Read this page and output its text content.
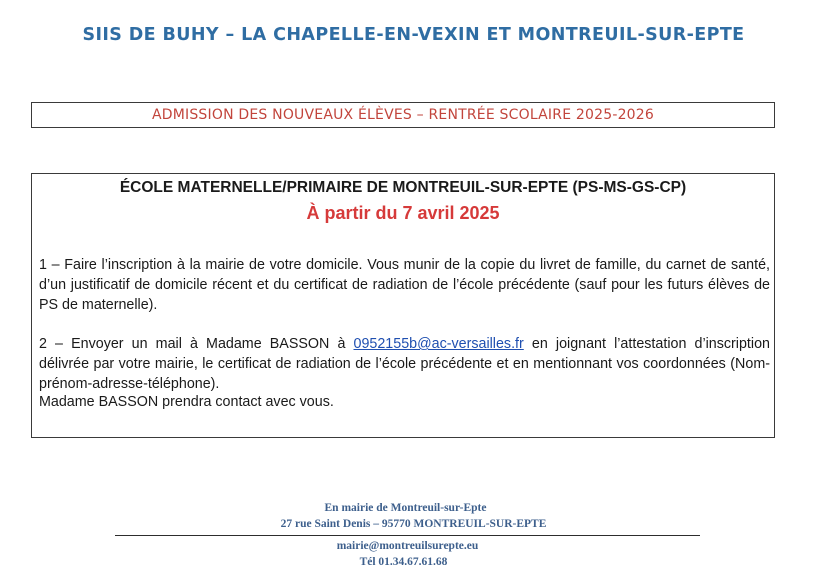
SIIS DE BUHY – LA CHAPELLE-EN-VEXIN ET MONTREUIL-SUR-EPTE
ADMISSION DES NOUVEAUX ÉLÈVES – RENTRÉE SCOLAIRE 2025-2026
ÉCOLE MATERNELLE/PRIMAIRE DE MONTREUIL-SUR-EPTE (PS-MS-GS-CP)
À partir du 7 avril 2025
1 – Faire l’inscription à la mairie de votre domicile. Vous munir de la copie du livret de famille, du carnet de santé, d’un justificatif de domicile récent et du certificat de radiation de l’école précédente (sauf pour les futurs élèves de PS de maternelle).
2 – Envoyer un mail à Madame BASSON à 0952155b@ac-versailles.fr en joignant l’attestation d’inscription délivrée par votre mairie, le certificat de radiation de l’école précédente et en mentionnant vos coordonnées (Nom-prénom-adresse-téléphone).
Madame BASSON prendra contact avec vous.
En mairie de Montreuil-sur-Epte
27 rue Saint Denis – 95770 MONTREUIL-SUR-EPTE
mairie@montreuilsurepte.eu
Tél 01.34.67.61.68
